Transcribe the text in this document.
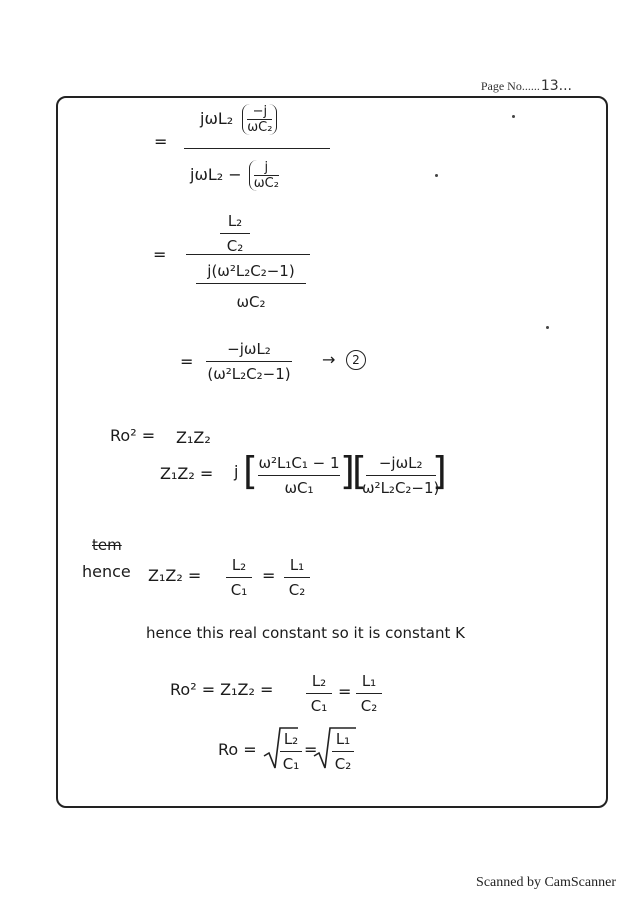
Page No......13...
=
$j\omega L_2 \frac{-j}{\text{ωC₂}}$
$j\omega L_2 - \frac{j}{\text{ωC₂}}$
=
L₂
C₂
j(ω²L₂C₂−1)
ωC₂
=
−jωL₂
(ω²L₂C₂−1)
→	2
Ro² = Z₁Z₂
Z₁Z₂ = j [ ω²L₁C₁ − 1
ωC₁ ]
[ −jωL₂
ω²L₂C₂−1)
]
tem
hence Z₁Z₂ =
L₂
C₁
=
L₁
C₂
hence this real constant so it is constant K
Ro² = Z₁Z₂ =	L₂
C₁
=
L₁
C₂
Ro =
L₂
C₁
=
L₁
C₂
Scanned by CamScanner
